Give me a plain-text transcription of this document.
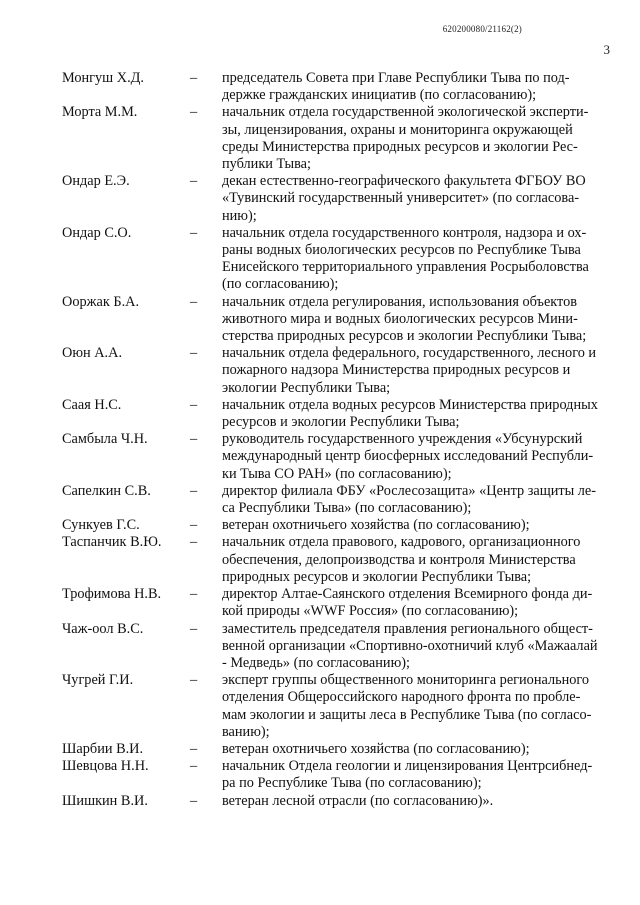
620200080/21162(2)
3
Монгуш Х.Д.	–	председатель Совета при Главе Республики Тыва по под-
держке гражданских инициатив (по согласованию);
Морта М.М.	–	начальник отдела государственной экологической эксперти-
зы, лицензирования, охраны и мониторинга окружающей
среды Министерства природных ресурсов и экологии Рес-
публики Тыва;
Ондар Е.Э.	–	декан естественно-географического факультета ФГБОУ ВО
«Тувинский государственный университет» (по согласова-
нию);
Ондар С.О.	–	начальник отдела государственного контроля, надзора и ох-
раны водных биологических ресурсов по Республике Тыва
Енисейского территориального управления Росрыболовства
(по согласованию);
Ооржак Б.А.	–	начальник отдела регулирования, использования объектов
животного мира и водных биологических ресурсов Мини-
стерства природных ресурсов и экологии Республики Тыва;
Оюн А.А.	–	начальник отдела федерального, государственного, лесного и
пожарного надзора Министерства природных ресурсов и
экологии Республики Тыва;
Саая Н.С.	–	начальник отдела водных ресурсов Министерства природных
ресурсов и экологии Республики Тыва;
Самбыла Ч.Н.	–	руководитель государственного учреждения «Убсунурский
международный центр биосферных исследований Республи-
ки Тыва СО РАН» (по согласованию);
Сапелкин С.В.	–	директор филиала ФБУ «Рослесозащита» «Центр защиты ле-
са Республики Тыва» (по согласованию);
Сункуев Г.С.	–	ветеран охотничьего хозяйства (по согласованию);
Таспанчик В.Ю.	–	начальник отдела правового, кадрового, организационного
обеспечения, делопроизводства и контроля Министерства
природных ресурсов и экологии Республики Тыва;
Трофимова Н.В.	–	директор Алтае-Саянского отделения Всемирного фонда ди-
кой природы «WWF Россия» (по согласованию);
Чаж-оол В.С.	–	заместитель председателя правления регионального общест-
венной организации «Спортивно-охотничий клуб «Мажаалай
- Медведь» (по согласованию);
Чугрей Г.И.	–	эксперт группы общественного мониторинга регионального
отделения Общероссийского народного фронта по пробле-
мам экологии и защиты леса в Республике Тыва (по согласо-
ванию);
Шарбии В.И.	–	ветеран охотничьего хозяйства (по согласованию);
Шевцова Н.Н.	–	начальник Отдела геологии и лицензирования Центрсибнед-
ра по Республике Тыва (по согласованию);
Шишкин В.И.	–	ветеран лесной отрасли (по согласованию)».
